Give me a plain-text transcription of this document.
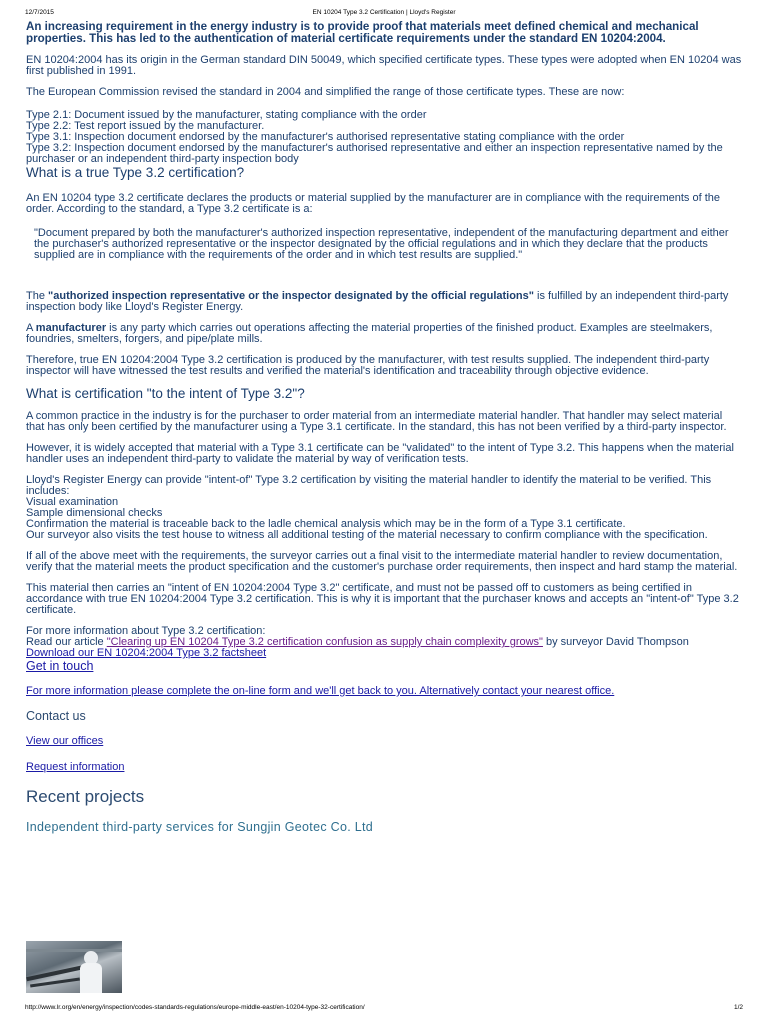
12/7/2015	EN 10204 Type 3.2 Certification | Lloyd's Register

An increasing requirement in the energy industry is to provide proof that materials meet defined chemical and mechanical properties. This has led to the authentication of material certificate requirements under the standard EN 10204:2004.

EN 10204:2004 has its origin in the German standard DIN 50049, which specified certificate types. These types were adopted when EN 10204 was first published in 1991.

The European Commission revised the standard in 2004 and simplified the range of those certificate types. These are now:

Type 2.1: Document issued by the manufacturer, stating compliance with the order

Type 2.2: Test report issued by the manufacturer.

Type 3.1: Inspection document endorsed by the manufacturer's authorised representative stating compliance with the order

Type 3.2: Inspection document endorsed by the manufacturer's authorised representative and either an inspection representative named by the purchaser or an independent third-party inspection body

What is a true Type 3.2 certification?

An EN 10204 type 3.2 certificate declares the products or material supplied by the manufacturer are in compliance with the requirements of the order. According to the standard, a Type 3.2 certificate is a:

"Document prepared by both the manufacturer's authorized inspection representative, independent of the manufacturing department and either the purchaser's authorized representative or the inspector designated by the official regulations and in which they declare that the products supplied are in compliance with the requirements of the order and in which test results are supplied."

The "authorized inspection representative or the inspector designated by the official regulations" is fulfilled by an independent third-party inspection body like Lloyd's Register Energy.

A manufacturer is any party which carries out operations affecting the material properties of the finished product. Examples are steelmakers, foundries, smelters, forgers, and pipe/plate mills.

Therefore, true EN 10204:2004 Type 3.2 certification is produced by the manufacturer, with test results supplied. The independent third-party inspector will have witnessed the test results and verified the material's identification and traceability through objective evidence.

What is certification "to the intent of Type 3.2"?

A common practice in the industry is for the purchaser to order material from an intermediate material handler. That handler may select material that has only been certified by the manufacturer using a Type 3.1 certificate. In the standard, this has not been verified by a third-party inspector.

However, it is widely accepted that material with a Type 3.1 certificate can be "validated" to the intent of Type 3.2. This happens when the material handler uses an independent third-party to validate the material by way of verification tests.

Lloyd's Register Energy can provide "intent-of" Type 3.2 certification by visiting the material handler to identify the material to be verified. This includes:

Visual examination

Sample dimensional checks

Confirmation the material is traceable back to the ladle chemical analysis which may be in the form of a Type 3.1 certificate.

Our surveyor also visits the test house to witness all additional testing of the material necessary to confirm compliance with the specification.

If all of the above meet with the requirements, the surveyor carries out a final visit to the intermediate material handler to review documentation, verify that the material meets the product specification and the customer's purchase order requirements, then inspect and hard stamp the material.

This material then carries an "intent of EN 10204:2004 Type 3.2" certificate, and must not be passed off to customers as being certified in accordance with true EN 10204:2004 Type 3.2 certification. This is why it is important that the purchaser knows and accepts an "intent-of" Type 3.2 certificate.

For more information about Type 3.2 certification:

Read our article "Clearing up EN 10204 Type 3.2 certification confusion as supply chain complexity grows" by surveyor David Thompson

Download our EN 10204:2004 Type 3.2 factsheet

Get in touch

For more information please complete the on-line form and we'll get back to you. Alternatively contact your nearest office.

Contact us

View our offices

Request information

Recent projects

Independent third-party services for Sungjin Geotec Co. Ltd

http://www.lr.org/en/energy/inspection/codes-standards-regulations/europe-middle-east/en-10204-type-32-certification/	1/2
